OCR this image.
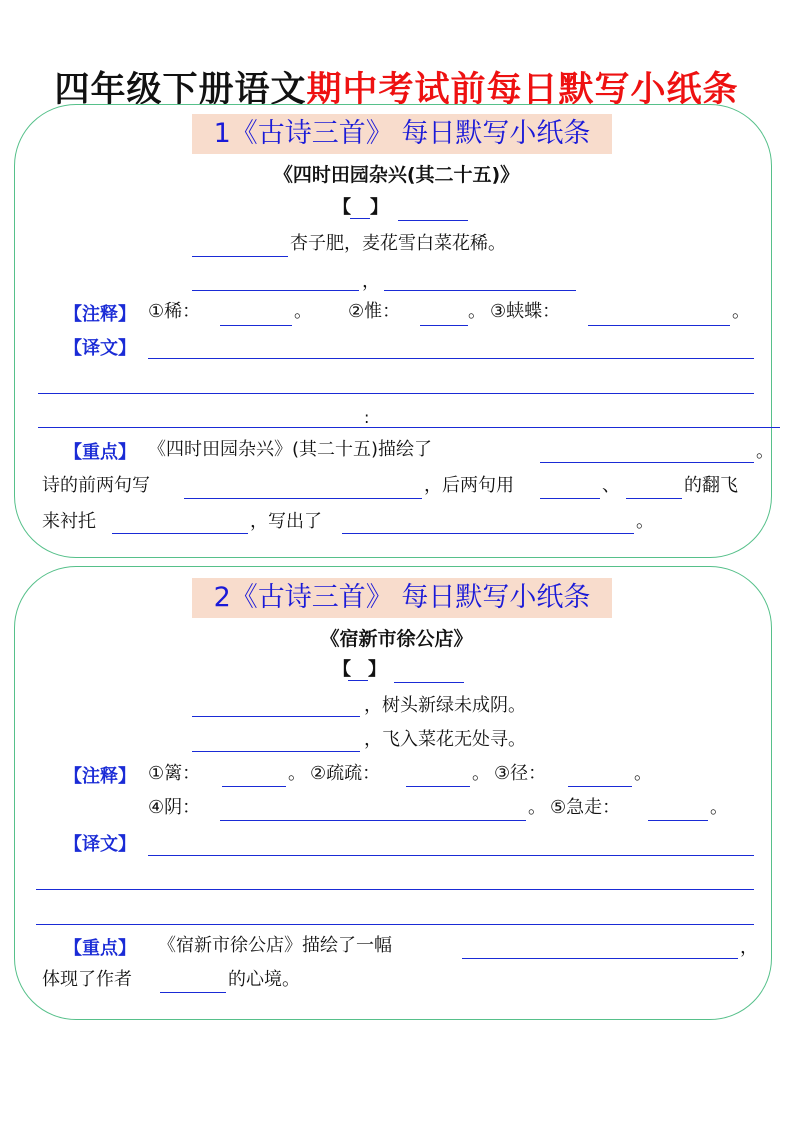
四年级下册语文期中考试前每日默写小纸条
1《古诗三首》 每日默写小纸条
《四时田园杂兴(其二十五)》
【 】
杏子肥，麦花雪白菜花稀。
，
【注释】 ①稀：	。 ②惟：	。 ③蛱蝶：	。
【译文】
:
【重点】 《四时田园杂兴》(其二十五)描绘了	。
诗的前两句写	，后两句用	、	的翻飞
来衬托	，写出了	。
2《古诗三首》 每日默写小纸条
《宿新市徐公店》
【 】
，树头新绿未成阴。
，飞入菜花无处寻。
【注释】 ①篱：	。 ②疏疏：	。 ③径：	。
④阴：	。 ⑤急走：	。
【译文】
【重点】 《宿新市徐公店》描绘了一幅	，
体现了作者	的心境。
